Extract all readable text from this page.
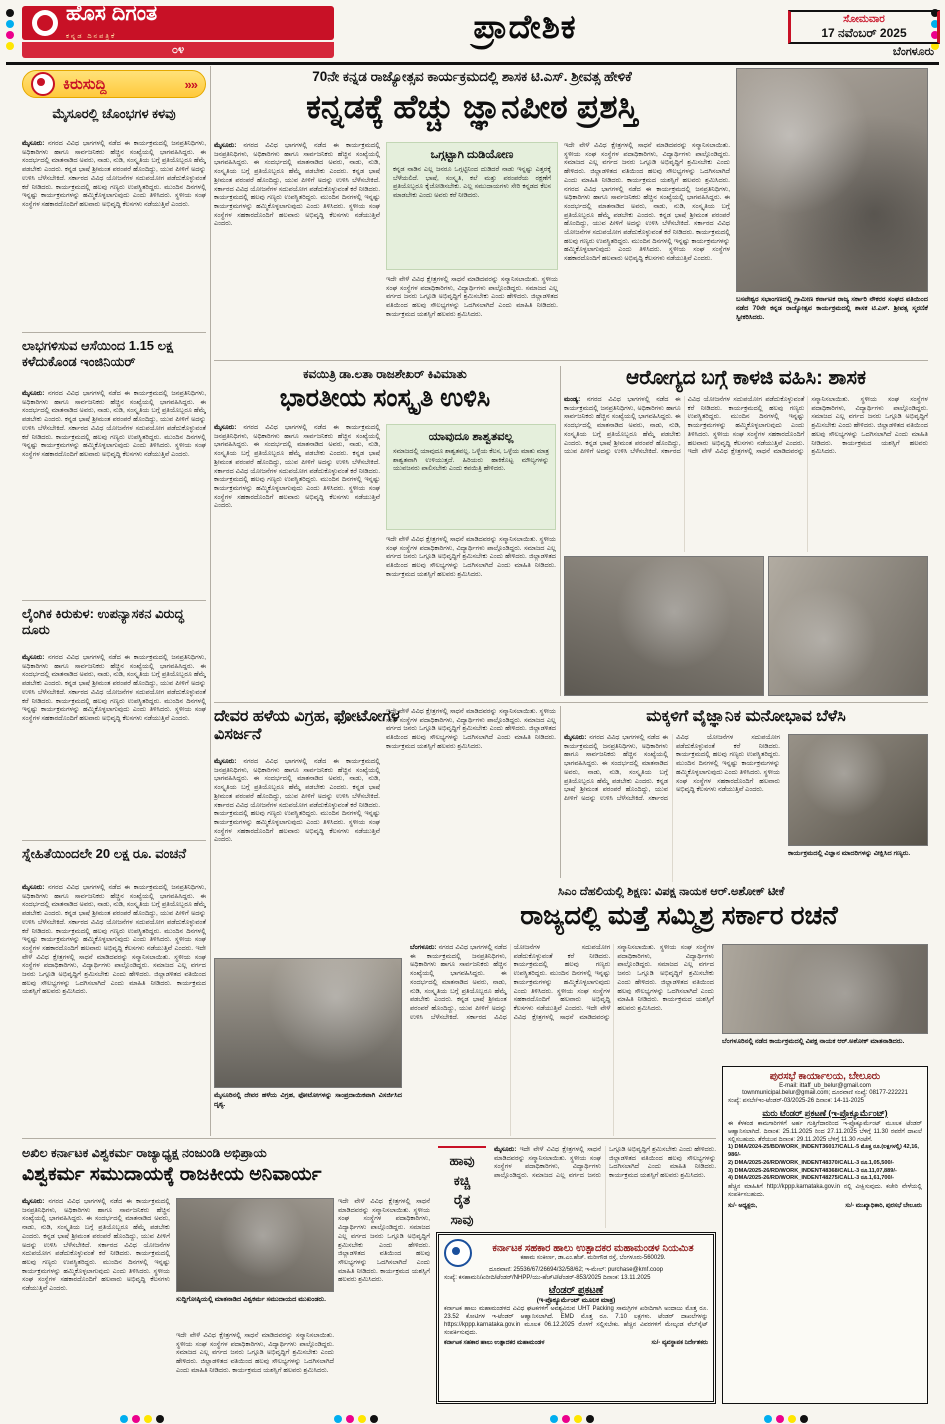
ಹೊಸ ದಿಗಂತ
ಕನ್ನಡ ದಿನಪತ್ರಿಕೆ
೦೪
ಪ್ರಾದೇಶಿಕ	ಸೋಮವಾರ
17 ನವೆಂಬರ್ 2025
ಬೆಂಗಳೂರು
ಕಿರುಸುದ್ದಿ	»»
ಮೈಸೂರಲ್ಲಿ ಚೊಂಭಗಳ ಕಳವು
ಮೈಸೂರು: ನಗರದ ವಿವಿಧ ಭಾಗಗಳಲ್ಲಿ ನಡೆದ ಈ ಕಾರ್ಯಕ್ರಮದಲ್ಲಿ ಜನಪ್ರತಿನಿಧಿಗಳು, ಅಧಿಕಾರಿಗಳು ಹಾಗೂ ಸಾರ್ವಜನಿಕರು ಹೆಚ್ಚಿನ ಸಂಖ್ಯೆಯಲ್ಲಿ ಭಾಗವಹಿಸಿದ್ದರು. ಈ ಸಂದರ್ಭದಲ್ಲಿ ಮಾತನಾಡಿದ ಅವರು, ನಾಡು, ನುಡಿ, ಸಂಸ್ಕೃತಿಯ ಬಗ್ಗೆ ಪ್ರತಿಯೊಬ್ಬರೂ ಹೆಮ್ಮೆ ಪಡಬೇಕು ಎಂದರು. ಕನ್ನಡ ಭಾಷೆ ಶ್ರೀಮಂತ ಪರಂಪರೆ ಹೊಂದಿದ್ದು, ಯುವ ಪೀಳಿಗೆ ಅದನ್ನು ಉಳಿಸಿ ಬೆಳೆಸಬೇಕಿದೆ. ಸರ್ಕಾರದ ವಿವಿಧ ಯೋಜನೆಗಳ ಸದುಪಯೋಗ ಪಡೆದುಕೊಳ್ಳುವಂತೆ ಕರೆ ನೀಡಿದರು. ಕಾರ್ಯಕ್ರಮದಲ್ಲಿ ಹಲವು ಗಣ್ಯರು ಉಪಸ್ಥಿತರಿದ್ದರು. ಮುಂದಿನ ದಿನಗಳಲ್ಲಿ ಇನ್ನಷ್ಟು ಕಾರ್ಯಕ್ರಮಗಳನ್ನು ಹಮ್ಮಿಕೊಳ್ಳಲಾಗುವುದು ಎಂದು ತಿಳಿಸಿದರು. ಸ್ಥಳೀಯ ಸಂಘ ಸಂಸ್ಥೆಗಳ ಸಹಕಾರದೊಂದಿಗೆ ಹಲವಾರು ಅಭಿವೃದ್ಧಿ ಕೆಲಸಗಳು ನಡೆಯುತ್ತಿವೆ ಎಂದರು.
ಲಾಭಗಳಿಸುವ ಆಸೆಯಿಂದ 1.15 ಲಕ್ಷ ಕಳೆದುಕೊಂಡ ಇಂಜಿನಿಯರ್
ಮೈಸೂರು: ನಗರದ ವಿವಿಧ ಭಾಗಗಳಲ್ಲಿ ನಡೆದ ಈ ಕಾರ್ಯಕ್ರಮದಲ್ಲಿ ಜನಪ್ರತಿನಿಧಿಗಳು, ಅಧಿಕಾರಿಗಳು ಹಾಗೂ ಸಾರ್ವಜನಿಕರು ಹೆಚ್ಚಿನ ಸಂಖ್ಯೆಯಲ್ಲಿ ಭಾಗವಹಿಸಿದ್ದರು. ಈ ಸಂದರ್ಭದಲ್ಲಿ ಮಾತನಾಡಿದ ಅವರು, ನಾಡು, ನುಡಿ, ಸಂಸ್ಕೃತಿಯ ಬಗ್ಗೆ ಪ್ರತಿಯೊಬ್ಬರೂ ಹೆಮ್ಮೆ ಪಡಬೇಕು ಎಂದರು. ಕನ್ನಡ ಭಾಷೆ ಶ್ರೀಮಂತ ಪರಂಪರೆ ಹೊಂದಿದ್ದು, ಯುವ ಪೀಳಿಗೆ ಅದನ್ನು ಉಳಿಸಿ ಬೆಳೆಸಬೇಕಿದೆ. ಸರ್ಕಾರದ ವಿವಿಧ ಯೋಜನೆಗಳ ಸದುಪಯೋಗ ಪಡೆದುಕೊಳ್ಳುವಂತೆ ಕರೆ ನೀಡಿದರು. ಕಾರ್ಯಕ್ರಮದಲ್ಲಿ ಹಲವು ಗಣ್ಯರು ಉಪಸ್ಥಿತರಿದ್ದರು. ಮುಂದಿನ ದಿನಗಳಲ್ಲಿ ಇನ್ನಷ್ಟು ಕಾರ್ಯಕ್ರಮಗಳನ್ನು ಹಮ್ಮಿಕೊಳ್ಳಲಾಗುವುದು ಎಂದು ತಿಳಿಸಿದರು. ಸ್ಥಳೀಯ ಸಂಘ ಸಂಸ್ಥೆಗಳ ಸಹಕಾರದೊಂದಿಗೆ ಹಲವಾರು ಅಭಿವೃದ್ಧಿ ಕೆಲಸಗಳು ನಡೆಯುತ್ತಿವೆ ಎಂದರು.
ಲೈಂಗಿಕ ಕಿರುಕುಳ: ಉಪನ್ಯಾಸಕನ ವಿರುದ್ಧ ದೂರು
ಮೈಸೂರು: ನಗರದ ವಿವಿಧ ಭಾಗಗಳಲ್ಲಿ ನಡೆದ ಈ ಕಾರ್ಯಕ್ರಮದಲ್ಲಿ ಜನಪ್ರತಿನಿಧಿಗಳು, ಅಧಿಕಾರಿಗಳು ಹಾಗೂ ಸಾರ್ವಜನಿಕರು ಹೆಚ್ಚಿನ ಸಂಖ್ಯೆಯಲ್ಲಿ ಭಾಗವಹಿಸಿದ್ದರು. ಈ ಸಂದರ್ಭದಲ್ಲಿ ಮಾತನಾಡಿದ ಅವರು, ನಾಡು, ನುಡಿ, ಸಂಸ್ಕೃತಿಯ ಬಗ್ಗೆ ಪ್ರತಿಯೊಬ್ಬರೂ ಹೆಮ್ಮೆ ಪಡಬೇಕು ಎಂದರು. ಕನ್ನಡ ಭಾಷೆ ಶ್ರೀಮಂತ ಪರಂಪರೆ ಹೊಂದಿದ್ದು, ಯುವ ಪೀಳಿಗೆ ಅದನ್ನು ಉಳಿಸಿ ಬೆಳೆಸಬೇಕಿದೆ. ಸರ್ಕಾರದ ವಿವಿಧ ಯೋಜನೆಗಳ ಸದುಪಯೋಗ ಪಡೆದುಕೊಳ್ಳುವಂತೆ ಕರೆ ನೀಡಿದರು. ಕಾರ್ಯಕ್ರಮದಲ್ಲಿ ಹಲವು ಗಣ್ಯರು ಉಪಸ್ಥಿತರಿದ್ದರು. ಮುಂದಿನ ದಿನಗಳಲ್ಲಿ ಇನ್ನಷ್ಟು ಕಾರ್ಯಕ್ರಮಗಳನ್ನು ಹಮ್ಮಿಕೊಳ್ಳಲಾಗುವುದು ಎಂದು ತಿಳಿಸಿದರು. ಸ್ಥಳೀಯ ಸಂಘ ಸಂಸ್ಥೆಗಳ ಸಹಕಾರದೊಂದಿಗೆ ಹಲವಾರು ಅಭಿವೃದ್ಧಿ ಕೆಲಸಗಳು ನಡೆಯುತ್ತಿವೆ ಎಂದರು.
ಸ್ನೇಹಿತೆಯಿಂದಲೇ 20 ಲಕ್ಷ ರೂ. ವಂಚನೆ
ಮೈಸೂರು: ನಗರದ ವಿವಿಧ ಭಾಗಗಳಲ್ಲಿ ನಡೆದ ಈ ಕಾರ್ಯಕ್ರಮದಲ್ಲಿ ಜನಪ್ರತಿನಿಧಿಗಳು, ಅಧಿಕಾರಿಗಳು ಹಾಗೂ ಸಾರ್ವಜನಿಕರು ಹೆಚ್ಚಿನ ಸಂಖ್ಯೆಯಲ್ಲಿ ಭಾಗವಹಿಸಿದ್ದರು. ಈ ಸಂದರ್ಭದಲ್ಲಿ ಮಾತನಾಡಿದ ಅವರು, ನಾಡು, ನುಡಿ, ಸಂಸ್ಕೃತಿಯ ಬಗ್ಗೆ ಪ್ರತಿಯೊಬ್ಬರೂ ಹೆಮ್ಮೆ ಪಡಬೇಕು ಎಂದರು. ಕನ್ನಡ ಭಾಷೆ ಶ್ರೀಮಂತ ಪರಂಪರೆ ಹೊಂದಿದ್ದು, ಯುವ ಪೀಳಿಗೆ ಅದನ್ನು ಉಳಿಸಿ ಬೆಳೆಸಬೇಕಿದೆ. ಸರ್ಕಾರದ ವಿವಿಧ ಯೋಜನೆಗಳ ಸದುಪಯೋಗ ಪಡೆದುಕೊಳ್ಳುವಂತೆ ಕರೆ ನೀಡಿದರು. ಕಾರ್ಯಕ್ರಮದಲ್ಲಿ ಹಲವು ಗಣ್ಯರು ಉಪಸ್ಥಿತರಿದ್ದರು. ಮುಂದಿನ ದಿನಗಳಲ್ಲಿ ಇನ್ನಷ್ಟು ಕಾರ್ಯಕ್ರಮಗಳನ್ನು ಹಮ್ಮಿಕೊಳ್ಳಲಾಗುವುದು ಎಂದು ತಿಳಿಸಿದರು. ಸ್ಥಳೀಯ ಸಂಘ ಸಂಸ್ಥೆಗಳ ಸಹಕಾರದೊಂದಿಗೆ ಹಲವಾರು ಅಭಿವೃದ್ಧಿ ಕೆಲಸಗಳು ನಡೆಯುತ್ತಿವೆ ಎಂದರು. ಇದೇ ವೇಳೆ ವಿವಿಧ ಕ್ಷೇತ್ರಗಳಲ್ಲಿ ಸಾಧನೆ ಮಾಡಿದವರನ್ನು ಸನ್ಮಾನಿಸಲಾಯಿತು. ಸ್ಥಳೀಯ ಸಂಘ ಸಂಸ್ಥೆಗಳ ಪದಾಧಿಕಾರಿಗಳು, ವಿದ್ಯಾರ್ಥಿಗಳು ಪಾಲ್ಗೊಂಡಿದ್ದರು. ಸಮಾಜದ ಎಲ್ಲ ವರ್ಗದ ಜನರು ಒಗ್ಗೂಡಿ ಅಭಿವೃದ್ಧಿಗೆ ಶ್ರಮಿಸಬೇಕು ಎಂದು ಹೇಳಿದರು. ಜಿಲ್ಲಾಡಳಿತದ ವತಿಯಿಂದ ಹಲವು ಸೌಲಭ್ಯಗಳನ್ನು ಒದಗಿಸಲಾಗಿದೆ ಎಂದು ಮಾಹಿತಿ ನೀಡಿದರು. ಕಾರ್ಯಕ್ರಮದ ಯಶಸ್ಸಿಗೆ ಹಲವರು ಶ್ರಮಿಸಿದರು.
70ನೇ ಕನ್ನಡ ರಾಜ್ಯೋತ್ಸವ ಕಾರ್ಯಕ್ರಮದಲ್ಲಿ ಶಾಸಕ ಟಿ.ಎಸ್. ಶ್ರೀವತ್ಸ ಹೇಳಿಕೆ
ಕನ್ನಡಕ್ಕೆ ಹೆಚ್ಚು ಜ್ಞಾನಪೀಠ ಪ್ರಶಸ್ತಿ
ಮೈಸೂರು: ನಗರದ ವಿವಿಧ ಭಾಗಗಳಲ್ಲಿ ನಡೆದ ಈ ಕಾರ್ಯಕ್ರಮದಲ್ಲಿ ಜನಪ್ರತಿನಿಧಿಗಳು, ಅಧಿಕಾರಿಗಳು ಹಾಗೂ ಸಾರ್ವಜನಿಕರು ಹೆಚ್ಚಿನ ಸಂಖ್ಯೆಯಲ್ಲಿ ಭಾಗವಹಿಸಿದ್ದರು. ಈ ಸಂದರ್ಭದಲ್ಲಿ ಮಾತನಾಡಿದ ಅವರು, ನಾಡು, ನುಡಿ, ಸಂಸ್ಕೃತಿಯ ಬಗ್ಗೆ ಪ್ರತಿಯೊಬ್ಬರೂ ಹೆಮ್ಮೆ ಪಡಬೇಕು ಎಂದರು. ಕನ್ನಡ ಭಾಷೆ ಶ್ರೀಮಂತ ಪರಂಪರೆ ಹೊಂದಿದ್ದು, ಯುವ ಪೀಳಿಗೆ ಅದನ್ನು ಉಳಿಸಿ ಬೆಳೆಸಬೇಕಿದೆ. ಸರ್ಕಾರದ ವಿವಿಧ ಯೋಜನೆಗಳ ಸದುಪಯೋಗ ಪಡೆದುಕೊಳ್ಳುವಂತೆ ಕರೆ ನೀಡಿದರು. ಕಾರ್ಯಕ್ರಮದಲ್ಲಿ ಹಲವು ಗಣ್ಯರು ಉಪಸ್ಥಿತರಿದ್ದರು. ಮುಂದಿನ ದಿನಗಳಲ್ಲಿ ಇನ್ನಷ್ಟು ಕಾರ್ಯಕ್ರಮಗಳನ್ನು ಹಮ್ಮಿಕೊಳ್ಳಲಾಗುವುದು ಎಂದು ತಿಳಿಸಿದರು. ಸ್ಥಳೀಯ ಸಂಘ ಸಂಸ್ಥೆಗಳ ಸಹಕಾರದೊಂದಿಗೆ ಹಲವಾರು ಅಭಿವೃದ್ಧಿ ಕೆಲಸಗಳು ನಡೆಯುತ್ತಿವೆ ಎಂದರು.
ಒಗ್ಗಟ್ಟಾಗಿ ದುಡಿಯೋಣ
ಕನ್ನಡ ನಾಡಿನ ಎಲ್ಲ ಜನರೂ ಒಗ್ಗಟ್ಟಿನಿಂದ ದುಡಿದರೆ ನಾಡು ಇನ್ನಷ್ಟು ಎತ್ತರಕ್ಕೆ ಬೆಳೆಯಲಿದೆ. ಭಾಷೆ, ಸಂಸ್ಕೃತಿ, ಕಲೆ ಮತ್ತು ಪರಂಪರೆಯ ರಕ್ಷಣೆಗೆ ಪ್ರತಿಯೊಬ್ಬರೂ ಕೈಜೋಡಿಸಬೇಕು. ಎಲ್ಲ ಸಮುದಾಯಗಳು ಸೇರಿ ಕನ್ನಡದ ಕೆಲಸ ಮಾಡಬೇಕು ಎಂದು ಅವರು ಕರೆ ನೀಡಿದರು.
ಇದೇ ವೇಳೆ ವಿವಿಧ ಕ್ಷೇತ್ರಗಳಲ್ಲಿ ಸಾಧನೆ ಮಾಡಿದವರನ್ನು ಸನ್ಮಾನಿಸಲಾಯಿತು. ಸ್ಥಳೀಯ ಸಂಘ ಸಂಸ್ಥೆಗಳ ಪದಾಧಿಕಾರಿಗಳು, ವಿದ್ಯಾರ್ಥಿಗಳು ಪಾಲ್ಗೊಂಡಿದ್ದರು. ಸಮಾಜದ ಎಲ್ಲ ವರ್ಗದ ಜನರು ಒಗ್ಗೂಡಿ ಅಭಿವೃದ್ಧಿಗೆ ಶ್ರಮಿಸಬೇಕು ಎಂದು ಹೇಳಿದರು. ಜಿಲ್ಲಾಡಳಿತದ ವತಿಯಿಂದ ಹಲವು ಸೌಲಭ್ಯಗಳನ್ನು ಒದಗಿಸಲಾಗಿದೆ ಎಂದು ಮಾಹಿತಿ ನೀಡಿದರು. ಕಾರ್ಯಕ್ರಮದ ಯಶಸ್ಸಿಗೆ ಹಲವರು ಶ್ರಮಿಸಿದರು.
ಇದೇ ವೇಳೆ ವಿವಿಧ ಕ್ಷೇತ್ರಗಳಲ್ಲಿ ಸಾಧನೆ ಮಾಡಿದವರನ್ನು ಸನ್ಮಾನಿಸಲಾಯಿತು. ಸ್ಥಳೀಯ ಸಂಘ ಸಂಸ್ಥೆಗಳ ಪದಾಧಿಕಾರಿಗಳು, ವಿದ್ಯಾರ್ಥಿಗಳು ಪಾಲ್ಗೊಂಡಿದ್ದರು. ಸಮಾಜದ ಎಲ್ಲ ವರ್ಗದ ಜನರು ಒಗ್ಗೂಡಿ ಅಭಿವೃದ್ಧಿಗೆ ಶ್ರಮಿಸಬೇಕು ಎಂದು ಹೇಳಿದರು. ಜಿಲ್ಲಾಡಳಿತದ ವತಿಯಿಂದ ಹಲವು ಸೌಲಭ್ಯಗಳನ್ನು ಒದಗಿಸಲಾಗಿದೆ ಎಂದು ಮಾಹಿತಿ ನೀಡಿದರು. ಕಾರ್ಯಕ್ರಮದ ಯಶಸ್ಸಿಗೆ ಹಲವರು ಶ್ರಮಿಸಿದರು. ನಗರದ ವಿವಿಧ ಭಾಗಗಳಲ್ಲಿ ನಡೆದ ಈ ಕಾರ್ಯಕ್ರಮದಲ್ಲಿ ಜನಪ್ರತಿನಿಧಿಗಳು, ಅಧಿಕಾರಿಗಳು ಹಾಗೂ ಸಾರ್ವಜನಿಕರು ಹೆಚ್ಚಿನ ಸಂಖ್ಯೆಯಲ್ಲಿ ಭಾಗವಹಿಸಿದ್ದರು. ಈ ಸಂದರ್ಭದಲ್ಲಿ ಮಾತನಾಡಿದ ಅವರು, ನಾಡು, ನುಡಿ, ಸಂಸ್ಕೃತಿಯ ಬಗ್ಗೆ ಪ್ರತಿಯೊಬ್ಬರೂ ಹೆಮ್ಮೆ ಪಡಬೇಕು ಎಂದರು. ಕನ್ನಡ ಭಾಷೆ ಶ್ರೀಮಂತ ಪರಂಪರೆ ಹೊಂದಿದ್ದು, ಯುವ ಪೀಳಿಗೆ ಅದನ್ನು ಉಳಿಸಿ ಬೆಳೆಸಬೇಕಿದೆ. ಸರ್ಕಾರದ ವಿವಿಧ ಯೋಜನೆಗಳ ಸದುಪಯೋಗ ಪಡೆದುಕೊಳ್ಳುವಂತೆ ಕರೆ ನೀಡಿದರು. ಕಾರ್ಯಕ್ರಮದಲ್ಲಿ ಹಲವು ಗಣ್ಯರು ಉಪಸ್ಥಿತರಿದ್ದರು. ಮುಂದಿನ ದಿನಗಳಲ್ಲಿ ಇನ್ನಷ್ಟು ಕಾರ್ಯಕ್ರಮಗಳನ್ನು ಹಮ್ಮಿಕೊಳ್ಳಲಾಗುವುದು ಎಂದು ತಿಳಿಸಿದರು. ಸ್ಥಳೀಯ ಸಂಘ ಸಂಸ್ಥೆಗಳ ಸಹಕಾರದೊಂದಿಗೆ ಹಲವಾರು ಅಭಿವೃದ್ಧಿ ಕೆಲಸಗಳು ನಡೆಯುತ್ತಿವೆ ಎಂದರು.
ಬಸವೇಶ್ವರ ಸಭಾಂಗಣದಲ್ಲಿ ಗ್ರಾಮೀಣ ಕರ್ನಾಟಕ ರಾಜ್ಯ ಸರ್ಕಾರಿ ನೌಕರರ ಸಂಘದ ವತಿಯಿಂದ ನಡೆದ 70ನೇ ಕನ್ನಡ ರಾಜ್ಯೋತ್ಸವ ಕಾರ್ಯಕ್ರಮದಲ್ಲಿ ಶಾಸಕ ಟಿ.ಎಸ್. ಶ್ರೀವತ್ಸ ಸ್ಮರಣಿಕೆ ಸ್ವೀಕರಿಸಿದರು.
ಕವಯಿತ್ರಿ ಡಾ.ಲತಾ ರಾಜಶೇಖರ್ ಕಿವಿಮಾತು
ಭಾರತೀಯ ಸಂಸ್ಕೃತಿ ಉಳಿಸಿ
ಮೈಸೂರು: ನಗರದ ವಿವಿಧ ಭಾಗಗಳಲ್ಲಿ ನಡೆದ ಈ ಕಾರ್ಯಕ್ರಮದಲ್ಲಿ ಜನಪ್ರತಿನಿಧಿಗಳು, ಅಧಿಕಾರಿಗಳು ಹಾಗೂ ಸಾರ್ವಜನಿಕರು ಹೆಚ್ಚಿನ ಸಂಖ್ಯೆಯಲ್ಲಿ ಭಾಗವಹಿಸಿದ್ದರು. ಈ ಸಂದರ್ಭದಲ್ಲಿ ಮಾತನಾಡಿದ ಅವರು, ನಾಡು, ನುಡಿ, ಸಂಸ್ಕೃತಿಯ ಬಗ್ಗೆ ಪ್ರತಿಯೊಬ್ಬರೂ ಹೆಮ್ಮೆ ಪಡಬೇಕು ಎಂದರು. ಕನ್ನಡ ಭಾಷೆ ಶ್ರೀಮಂತ ಪರಂಪರೆ ಹೊಂದಿದ್ದು, ಯುವ ಪೀಳಿಗೆ ಅದನ್ನು ಉಳಿಸಿ ಬೆಳೆಸಬೇಕಿದೆ. ಸರ್ಕಾರದ ವಿವಿಧ ಯೋಜನೆಗಳ ಸದುಪಯೋಗ ಪಡೆದುಕೊಳ್ಳುವಂತೆ ಕರೆ ನೀಡಿದರು. ಕಾರ್ಯಕ್ರಮದಲ್ಲಿ ಹಲವು ಗಣ್ಯರು ಉಪಸ್ಥಿತರಿದ್ದರು. ಮುಂದಿನ ದಿನಗಳಲ್ಲಿ ಇನ್ನಷ್ಟು ಕಾರ್ಯಕ್ರಮಗಳನ್ನು ಹಮ್ಮಿಕೊಳ್ಳಲಾಗುವುದು ಎಂದು ತಿಳಿಸಿದರು. ಸ್ಥಳೀಯ ಸಂಘ ಸಂಸ್ಥೆಗಳ ಸಹಕಾರದೊಂದಿಗೆ ಹಲವಾರು ಅಭಿವೃದ್ಧಿ ಕೆಲಸಗಳು ನಡೆಯುತ್ತಿವೆ ಎಂದರು.
ಯಾವುದೂ ಶಾಶ್ವತವಲ್ಲ
ಸಮಾಜದಲ್ಲಿ ಯಾವುದೂ ಶಾಶ್ವತವಲ್ಲ. ಒಳ್ಳೆಯ ಕೆಲಸ, ಒಳ್ಳೆಯ ಮಾತು ಮಾತ್ರ ಶಾಶ್ವತವಾಗಿ ಉಳಿಯುತ್ತದೆ. ಹಿರಿಯರು ಹಾಕಿಕೊಟ್ಟ ಮೌಲ್ಯಗಳನ್ನು ಯುವಜನರು ಪಾಲಿಸಬೇಕು ಎಂದು ಕವಯಿತ್ರಿ ಹೇಳಿದರು.
ಇದೇ ವೇಳೆ ವಿವಿಧ ಕ್ಷೇತ್ರಗಳಲ್ಲಿ ಸಾಧನೆ ಮಾಡಿದವರನ್ನು ಸನ್ಮಾನಿಸಲಾಯಿತು. ಸ್ಥಳೀಯ ಸಂಘ ಸಂಸ್ಥೆಗಳ ಪದಾಧಿಕಾರಿಗಳು, ವಿದ್ಯಾರ್ಥಿಗಳು ಪಾಲ್ಗೊಂಡಿದ್ದರು. ಸಮಾಜದ ಎಲ್ಲ ವರ್ಗದ ಜನರು ಒಗ್ಗೂಡಿ ಅಭಿವೃದ್ಧಿಗೆ ಶ್ರಮಿಸಬೇಕು ಎಂದು ಹೇಳಿದರು. ಜಿಲ್ಲಾಡಳಿತದ ವತಿಯಿಂದ ಹಲವು ಸೌಲಭ್ಯಗಳನ್ನು ಒದಗಿಸಲಾಗಿದೆ ಎಂದು ಮಾಹಿತಿ ನೀಡಿದರು. ಕಾರ್ಯಕ್ರಮದ ಯಶಸ್ಸಿಗೆ ಹಲವರು ಶ್ರಮಿಸಿದರು.
ಆರೋಗ್ಯದ ಬಗ್ಗೆ ಕಾಳಜಿ ವಹಿಸಿ: ಶಾಸಕ
ಮಂಡ್ಯ: ನಗರದ ವಿವಿಧ ಭಾಗಗಳಲ್ಲಿ ನಡೆದ ಈ ಕಾರ್ಯಕ್ರಮದಲ್ಲಿ ಜನಪ್ರತಿನಿಧಿಗಳು, ಅಧಿಕಾರಿಗಳು ಹಾಗೂ ಸಾರ್ವಜನಿಕರು ಹೆಚ್ಚಿನ ಸಂಖ್ಯೆಯಲ್ಲಿ ಭಾಗವಹಿಸಿದ್ದರು. ಈ ಸಂದರ್ಭದಲ್ಲಿ ಮಾತನಾಡಿದ ಅವರು, ನಾಡು, ನುಡಿ, ಸಂಸ್ಕೃತಿಯ ಬಗ್ಗೆ ಪ್ರತಿಯೊಬ್ಬರೂ ಹೆಮ್ಮೆ ಪಡಬೇಕು ಎಂದರು. ಕನ್ನಡ ಭಾಷೆ ಶ್ರೀಮಂತ ಪರಂಪರೆ ಹೊಂದಿದ್ದು, ಯುವ ಪೀಳಿಗೆ ಅದನ್ನು ಉಳಿಸಿ ಬೆಳೆಸಬೇಕಿದೆ. ಸರ್ಕಾರದ ವಿವಿಧ ಯೋಜನೆಗಳ ಸದುಪಯೋಗ ಪಡೆದುಕೊಳ್ಳುವಂತೆ ಕರೆ ನೀಡಿದರು. ಕಾರ್ಯಕ್ರಮದಲ್ಲಿ ಹಲವು ಗಣ್ಯರು ಉಪಸ್ಥಿತರಿದ್ದರು. ಮುಂದಿನ ದಿನಗಳಲ್ಲಿ ಇನ್ನಷ್ಟು ಕಾರ್ಯಕ್ರಮಗಳನ್ನು ಹಮ್ಮಿಕೊಳ್ಳಲಾಗುವುದು ಎಂದು ತಿಳಿಸಿದರು. ಸ್ಥಳೀಯ ಸಂಘ ಸಂಸ್ಥೆಗಳ ಸಹಕಾರದೊಂದಿಗೆ ಹಲವಾರು ಅಭಿವೃದ್ಧಿ ಕೆಲಸಗಳು ನಡೆಯುತ್ತಿವೆ ಎಂದರು. ಇದೇ ವೇಳೆ ವಿವಿಧ ಕ್ಷೇತ್ರಗಳಲ್ಲಿ ಸಾಧನೆ ಮಾಡಿದವರನ್ನು ಸನ್ಮಾನಿಸಲಾಯಿತು. ಸ್ಥಳೀಯ ಸಂಘ ಸಂಸ್ಥೆಗಳ ಪದಾಧಿಕಾರಿಗಳು, ವಿದ್ಯಾರ್ಥಿಗಳು ಪಾಲ್ಗೊಂಡಿದ್ದರು. ಸಮಾಜದ ಎಲ್ಲ ವರ್ಗದ ಜನರು ಒಗ್ಗೂಡಿ ಅಭಿವೃದ್ಧಿಗೆ ಶ್ರಮಿಸಬೇಕು ಎಂದು ಹೇಳಿದರು. ಜಿಲ್ಲಾಡಳಿತದ ವತಿಯಿಂದ ಹಲವು ಸೌಲಭ್ಯಗಳನ್ನು ಒದಗಿಸಲಾಗಿದೆ ಎಂದು ಮಾಹಿತಿ ನೀಡಿದರು. ಕಾರ್ಯಕ್ರಮದ ಯಶಸ್ಸಿಗೆ ಹಲವರು ಶ್ರಮಿಸಿದರು.
ದೇವರ ಹಳೆಯ ವಿಗ್ರಹ, ಫೋಟೋಗಳ ವಿಸರ್ಜನೆ
ಮೈಸೂರು: ನಗರದ ವಿವಿಧ ಭಾಗಗಳಲ್ಲಿ ನಡೆದ ಈ ಕಾರ್ಯಕ್ರಮದಲ್ಲಿ ಜನಪ್ರತಿನಿಧಿಗಳು, ಅಧಿಕಾರಿಗಳು ಹಾಗೂ ಸಾರ್ವಜನಿಕರು ಹೆಚ್ಚಿನ ಸಂಖ್ಯೆಯಲ್ಲಿ ಭಾಗವಹಿಸಿದ್ದರು. ಈ ಸಂದರ್ಭದಲ್ಲಿ ಮಾತನಾಡಿದ ಅವರು, ನಾಡು, ನುಡಿ, ಸಂಸ್ಕೃತಿಯ ಬಗ್ಗೆ ಪ್ರತಿಯೊಬ್ಬರೂ ಹೆಮ್ಮೆ ಪಡಬೇಕು ಎಂದರು. ಕನ್ನಡ ಭಾಷೆ ಶ್ರೀಮಂತ ಪರಂಪರೆ ಹೊಂದಿದ್ದು, ಯುವ ಪೀಳಿಗೆ ಅದನ್ನು ಉಳಿಸಿ ಬೆಳೆಸಬೇಕಿದೆ. ಸರ್ಕಾರದ ವಿವಿಧ ಯೋಜನೆಗಳ ಸದುಪಯೋಗ ಪಡೆದುಕೊಳ್ಳುವಂತೆ ಕರೆ ನೀಡಿದರು. ಕಾರ್ಯಕ್ರಮದಲ್ಲಿ ಹಲವು ಗಣ್ಯರು ಉಪಸ್ಥಿತರಿದ್ದರು. ಮುಂದಿನ ದಿನಗಳಲ್ಲಿ ಇನ್ನಷ್ಟು ಕಾರ್ಯಕ್ರಮಗಳನ್ನು ಹಮ್ಮಿಕೊಳ್ಳಲಾಗುವುದು ಎಂದು ತಿಳಿಸಿದರು. ಸ್ಥಳೀಯ ಸಂಘ ಸಂಸ್ಥೆಗಳ ಸಹಕಾರದೊಂದಿಗೆ ಹಲವಾರು ಅಭಿವೃದ್ಧಿ ಕೆಲಸಗಳು ನಡೆಯುತ್ತಿವೆ ಎಂದರು.
ಇದೇ ವೇಳೆ ವಿವಿಧ ಕ್ಷೇತ್ರಗಳಲ್ಲಿ ಸಾಧನೆ ಮಾಡಿದವರನ್ನು ಸನ್ಮಾನಿಸಲಾಯಿತು. ಸ್ಥಳೀಯ ಸಂಘ ಸಂಸ್ಥೆಗಳ ಪದಾಧಿಕಾರಿಗಳು, ವಿದ್ಯಾರ್ಥಿಗಳು ಪಾಲ್ಗೊಂಡಿದ್ದರು. ಸಮಾಜದ ಎಲ್ಲ ವರ್ಗದ ಜನರು ಒಗ್ಗೂಡಿ ಅಭಿವೃದ್ಧಿಗೆ ಶ್ರಮಿಸಬೇಕು ಎಂದು ಹೇಳಿದರು. ಜಿಲ್ಲಾಡಳಿತದ ವತಿಯಿಂದ ಹಲವು ಸೌಲಭ್ಯಗಳನ್ನು ಒದಗಿಸಲಾಗಿದೆ ಎಂದು ಮಾಹಿತಿ ನೀಡಿದರು. ಕಾರ್ಯಕ್ರಮದ ಯಶಸ್ಸಿಗೆ ಹಲವರು ಶ್ರಮಿಸಿದರು.
ಮೈಸೂರಿನಲ್ಲಿ ದೇವರ ಹಳೆಯ ವಿಗ್ರಹ, ಫೋಟೋಗಳನ್ನು ಸಾಂಪ್ರದಾಯಿಕವಾಗಿ ವಿಸರ್ಜಿಸಿದ ದೃಶ್ಯ.
ಮಕ್ಕಳಿಗೆ ವೈಜ್ಞಾನಿಕ ಮನೋಭಾವ ಬೆಳೆಸಿ
ಮೈಸೂರು: ನಗರದ ವಿವಿಧ ಭಾಗಗಳಲ್ಲಿ ನಡೆದ ಈ ಕಾರ್ಯಕ್ರಮದಲ್ಲಿ ಜನಪ್ರತಿನಿಧಿಗಳು, ಅಧಿಕಾರಿಗಳು ಹಾಗೂ ಸಾರ್ವಜನಿಕರು ಹೆಚ್ಚಿನ ಸಂಖ್ಯೆಯಲ್ಲಿ ಭಾಗವಹಿಸಿದ್ದರು. ಈ ಸಂದರ್ಭದಲ್ಲಿ ಮಾತನಾಡಿದ ಅವರು, ನಾಡು, ನುಡಿ, ಸಂಸ್ಕೃತಿಯ ಬಗ್ಗೆ ಪ್ರತಿಯೊಬ್ಬರೂ ಹೆಮ್ಮೆ ಪಡಬೇಕು ಎಂದರು. ಕನ್ನಡ ಭಾಷೆ ಶ್ರೀಮಂತ ಪರಂಪರೆ ಹೊಂದಿದ್ದು, ಯುವ ಪೀಳಿಗೆ ಅದನ್ನು ಉಳಿಸಿ ಬೆಳೆಸಬೇಕಿದೆ. ಸರ್ಕಾರದ ವಿವಿಧ ಯೋಜನೆಗಳ ಸದುಪಯೋಗ ಪಡೆದುಕೊಳ್ಳುವಂತೆ ಕರೆ ನೀಡಿದರು. ಕಾರ್ಯಕ್ರಮದಲ್ಲಿ ಹಲವು ಗಣ್ಯರು ಉಪಸ್ಥಿತರಿದ್ದರು. ಮುಂದಿನ ದಿನಗಳಲ್ಲಿ ಇನ್ನಷ್ಟು ಕಾರ್ಯಕ್ರಮಗಳನ್ನು ಹಮ್ಮಿಕೊಳ್ಳಲಾಗುವುದು ಎಂದು ತಿಳಿಸಿದರು. ಸ್ಥಳೀಯ ಸಂಘ ಸಂಸ್ಥೆಗಳ ಸಹಕಾರದೊಂದಿಗೆ ಹಲವಾರು ಅಭಿವೃದ್ಧಿ ಕೆಲಸಗಳು ನಡೆಯುತ್ತಿವೆ ಎಂದರು.
ಕಾರ್ಯಕ್ರಮದಲ್ಲಿ ವಿಜ್ಞಾನ ಮಾದರಿಗಳನ್ನು ವೀಕ್ಷಿಸಿದ ಗಣ್ಯರು.
ಸಿಎಂ ದೆಹಲಿಯಲ್ಲಿ ಶಿಕ್ಷಣ: ವಿಪಕ್ಷ ನಾಯಕ ಆರ್.ಅಶೋಕ್ ಟೀಕೆ
ರಾಜ್ಯದಲ್ಲಿ ಮತ್ತೆ ಸಮ್ಮಿಶ್ರ ಸರ್ಕಾರ ರಚನೆ
ಬೆಂಗಳೂರು: ನಗರದ ವಿವಿಧ ಭಾಗಗಳಲ್ಲಿ ನಡೆದ ಈ ಕಾರ್ಯಕ್ರಮದಲ್ಲಿ ಜನಪ್ರತಿನಿಧಿಗಳು, ಅಧಿಕಾರಿಗಳು ಹಾಗೂ ಸಾರ್ವಜನಿಕರು ಹೆಚ್ಚಿನ ಸಂಖ್ಯೆಯಲ್ಲಿ ಭಾಗವಹಿಸಿದ್ದರು. ಈ ಸಂದರ್ಭದಲ್ಲಿ ಮಾತನಾಡಿದ ಅವರು, ನಾಡು, ನುಡಿ, ಸಂಸ್ಕೃತಿಯ ಬಗ್ಗೆ ಪ್ರತಿಯೊಬ್ಬರೂ ಹೆಮ್ಮೆ ಪಡಬೇಕು ಎಂದರು. ಕನ್ನಡ ಭಾಷೆ ಶ್ರೀಮಂತ ಪರಂಪರೆ ಹೊಂದಿದ್ದು, ಯುವ ಪೀಳಿಗೆ ಅದನ್ನು ಉಳಿಸಿ ಬೆಳೆಸಬೇಕಿದೆ. ಸರ್ಕಾರದ ವಿವಿಧ ಯೋಜನೆಗಳ ಸದುಪಯೋಗ ಪಡೆದುಕೊಳ್ಳುವಂತೆ ಕರೆ ನೀಡಿದರು. ಕಾರ್ಯಕ್ರಮದಲ್ಲಿ ಹಲವು ಗಣ್ಯರು ಉಪಸ್ಥಿತರಿದ್ದರು. ಮುಂದಿನ ದಿನಗಳಲ್ಲಿ ಇನ್ನಷ್ಟು ಕಾರ್ಯಕ್ರಮಗಳನ್ನು ಹಮ್ಮಿಕೊಳ್ಳಲಾಗುವುದು ಎಂದು ತಿಳಿಸಿದರು. ಸ್ಥಳೀಯ ಸಂಘ ಸಂಸ್ಥೆಗಳ ಸಹಕಾರದೊಂದಿಗೆ ಹಲವಾರು ಅಭಿವೃದ್ಧಿ ಕೆಲಸಗಳು ನಡೆಯುತ್ತಿವೆ ಎಂದರು. ಇದೇ ವೇಳೆ ವಿವಿಧ ಕ್ಷೇತ್ರಗಳಲ್ಲಿ ಸಾಧನೆ ಮಾಡಿದವರನ್ನು ಸನ್ಮಾನಿಸಲಾಯಿತು. ಸ್ಥಳೀಯ ಸಂಘ ಸಂಸ್ಥೆಗಳ ಪದಾಧಿಕಾರಿಗಳು, ವಿದ್ಯಾರ್ಥಿಗಳು ಪಾಲ್ಗೊಂಡಿದ್ದರು. ಸಮಾಜದ ಎಲ್ಲ ವರ್ಗದ ಜನರು ಒಗ್ಗೂಡಿ ಅಭಿವೃದ್ಧಿಗೆ ಶ್ರಮಿಸಬೇಕು ಎಂದು ಹೇಳಿದರು. ಜಿಲ್ಲಾಡಳಿತದ ವತಿಯಿಂದ ಹಲವು ಸೌಲಭ್ಯಗಳನ್ನು ಒದಗಿಸಲಾಗಿದೆ ಎಂದು ಮಾಹಿತಿ ನೀಡಿದರು. ಕಾರ್ಯಕ್ರಮದ ಯಶಸ್ಸಿಗೆ ಹಲವರು ಶ್ರಮಿಸಿದರು.
ಬೆಂಗಳೂರಿನಲ್ಲಿ ನಡೆದ ಕಾರ್ಯಕ್ರಮದಲ್ಲಿ ವಿಪಕ್ಷ ನಾಯಕ ಆರ್.ಅಶೋಕ್ ಮಾತನಾಡಿದರು.
ಪುರಸಭೆ ಕಾರ್ಯಾಲಯ, ಬೇಲೂರು
E-mail: ittaff_ub_belur@gmail.com
townmunicipal.belur@gmail.com; ದೂರವಾಣಿ ಸಂಖ್ಯೆ: 08177-222221
ಸಂಖ್ಯೆ: ಪಸಬೇ/ಇಂ-ಟೆಂಡರ್-03/2025-26 ದಿನಾಂಕ: 14-11-2025
ಮರು ಟೆಂಡರ್ ಪ್ರಕಟಣೆ (ಇ-ಪ್ರೊಕ್ಯೂರ್ಮೆಂಟ್)
ಈ ಕೆಳಕಂಡ ಕಾಮಗಾರಿಗಳಿಗೆ ಅರ್ಹ ಗುತ್ತಿಗೆದಾರರಿಂದ ಇ-ಪ್ರೊಕ್ಯೂರ್ಮೆಂಟ್ ಮೂಲಕ ಟೆಂಡರ್ ಆಹ್ವಾನಿಸಲಾಗಿದೆ. ದಿನಾಂಕ: 25.11.2025 ರಿಂದ 27.11.2025 ಬೆಳಿಗ್ಗೆ 11.30 ರವರೆಗೆ ದಾಖಲೆ ಸಲ್ಲಿಸಬಹುದು. ತೆರೆಯುವ ದಿನಾಂಕ: 29.11.2025 ಬೆಳಿಗ್ಗೆ 11.30 ಗಂಟೆಗೆ.
1) DMA/2024-25/BD/WORK_INDENT36017/CALL-5 ಮೊತ್ತ ರೂ.(ಲಕ್ಷಗಳಲ್ಲಿ) 42,16,986/-
2) DMA/2025-26/RD/WORK_INDENT48370/CALL-3 ರೂ.1,05,500/-
3) DMA/2025-26/RD/WORK_INDENT48368/CALL-3 ರೂ.11,07,889/-
4) DMA/2025-26/RD/WORK_INDENT48275/CALL-3 ರೂ.1,61,700/-
ಹೆಚ್ಚಿನ ಮಾಹಿತಿಗೆ http://kppp.karnataka.gov.in ನಲ್ಲಿ ವೀಕ್ಷಿಸುವುದು. ಕಚೇರಿ ವೇಳೆಯಲ್ಲಿ ಸಂಪರ್ಕಿಸಬಹುದು.
ಸು/- ಅಧ್ಯಕ್ಷರು,	ಸು/- ಮುಖ್ಯಾಧಿಕಾರಿ, ಪುರಸಭೆ ಬೇಲೂರು
ಅಖಿಲ ಕರ್ನಾಟಕ ವಿಶ್ವಕರ್ಮ ರಾಜ್ಯಾಧ್ಯಕ್ಷ ನಂಜುಂಡಿ ಅಭಿಪ್ರಾಯ
ವಿಶ್ವಕರ್ಮ ಸಮುದಾಯಕ್ಕೆ ರಾಜಕೀಯ ಅನಿವಾರ್ಯ
ಮೈಸೂರು: ನಗರದ ವಿವಿಧ ಭಾಗಗಳಲ್ಲಿ ನಡೆದ ಈ ಕಾರ್ಯಕ್ರಮದಲ್ಲಿ ಜನಪ್ರತಿನಿಧಿಗಳು, ಅಧಿಕಾರಿಗಳು ಹಾಗೂ ಸಾರ್ವಜನಿಕರು ಹೆಚ್ಚಿನ ಸಂಖ್ಯೆಯಲ್ಲಿ ಭಾಗವಹಿಸಿದ್ದರು. ಈ ಸಂದರ್ಭದಲ್ಲಿ ಮಾತನಾಡಿದ ಅವರು, ನಾಡು, ನುಡಿ, ಸಂಸ್ಕೃತಿಯ ಬಗ್ಗೆ ಪ್ರತಿಯೊಬ್ಬರೂ ಹೆಮ್ಮೆ ಪಡಬೇಕು ಎಂದರು. ಕನ್ನಡ ಭಾಷೆ ಶ್ರೀಮಂತ ಪರಂಪರೆ ಹೊಂದಿದ್ದು, ಯುವ ಪೀಳಿಗೆ ಅದನ್ನು ಉಳಿಸಿ ಬೆಳೆಸಬೇಕಿದೆ. ಸರ್ಕಾರದ ವಿವಿಧ ಯೋಜನೆಗಳ ಸದುಪಯೋಗ ಪಡೆದುಕೊಳ್ಳುವಂತೆ ಕರೆ ನೀಡಿದರು. ಕಾರ್ಯಕ್ರಮದಲ್ಲಿ ಹಲವು ಗಣ್ಯರು ಉಪಸ್ಥಿತರಿದ್ದರು. ಮುಂದಿನ ದಿನಗಳಲ್ಲಿ ಇನ್ನಷ್ಟು ಕಾರ್ಯಕ್ರಮಗಳನ್ನು ಹಮ್ಮಿಕೊಳ್ಳಲಾಗುವುದು ಎಂದು ತಿಳಿಸಿದರು. ಸ್ಥಳೀಯ ಸಂಘ ಸಂಸ್ಥೆಗಳ ಸಹಕಾರದೊಂದಿಗೆ ಹಲವಾರು ಅಭಿವೃದ್ಧಿ ಕೆಲಸಗಳು ನಡೆಯುತ್ತಿವೆ ಎಂದರು.
ಸುದ್ದಿಗೋಷ್ಠಿಯಲ್ಲಿ ಮಾತನಾಡಿದ ವಿಶ್ವಕರ್ಮ ಸಮುದಾಯದ ಮುಖಂಡರು.
ಇದೇ ವೇಳೆ ವಿವಿಧ ಕ್ಷೇತ್ರಗಳಲ್ಲಿ ಸಾಧನೆ ಮಾಡಿದವರನ್ನು ಸನ್ಮಾನಿಸಲಾಯಿತು. ಸ್ಥಳೀಯ ಸಂಘ ಸಂಸ್ಥೆಗಳ ಪದಾಧಿಕಾರಿಗಳು, ವಿದ್ಯಾರ್ಥಿಗಳು ಪಾಲ್ಗೊಂಡಿದ್ದರು. ಸಮಾಜದ ಎಲ್ಲ ವರ್ಗದ ಜನರು ಒಗ್ಗೂಡಿ ಅಭಿವೃದ್ಧಿಗೆ ಶ್ರಮಿಸಬೇಕು ಎಂದು ಹೇಳಿದರು. ಜಿಲ್ಲಾಡಳಿತದ ವತಿಯಿಂದ ಹಲವು ಸೌಲಭ್ಯಗಳನ್ನು ಒದಗಿಸಲಾಗಿದೆ ಎಂದು ಮಾಹಿತಿ ನೀಡಿದರು. ಕಾರ್ಯಕ್ರಮದ ಯಶಸ್ಸಿಗೆ ಹಲವರು ಶ್ರಮಿಸಿದರು.
ಇದೇ ವೇಳೆ ವಿವಿಧ ಕ್ಷೇತ್ರಗಳಲ್ಲಿ ಸಾಧನೆ ಮಾಡಿದವರನ್ನು ಸನ್ಮಾನಿಸಲಾಯಿತು. ಸ್ಥಳೀಯ ಸಂಘ ಸಂಸ್ಥೆಗಳ ಪದಾಧಿಕಾರಿಗಳು, ವಿದ್ಯಾರ್ಥಿಗಳು ಪಾಲ್ಗೊಂಡಿದ್ದರು. ಸಮಾಜದ ಎಲ್ಲ ವರ್ಗದ ಜನರು ಒಗ್ಗೂಡಿ ಅಭಿವೃದ್ಧಿಗೆ ಶ್ರಮಿಸಬೇಕು ಎಂದು ಹೇಳಿದರು. ಜಿಲ್ಲಾಡಳಿತದ ವತಿಯಿಂದ ಹಲವು ಸೌಲಭ್ಯಗಳನ್ನು ಒದಗಿಸಲಾಗಿದೆ ಎಂದು ಮಾಹಿತಿ ನೀಡಿದರು. ಕಾರ್ಯಕ್ರಮದ ಯಶಸ್ಸಿಗೆ ಹಲವರು ಶ್ರಮಿಸಿದರು.
ಹಾವು
ಕಚ್ಚಿ
ರೈತ
ಸಾವು
ಮೈಸೂರು: ಇದೇ ವೇಳೆ ವಿವಿಧ ಕ್ಷೇತ್ರಗಳಲ್ಲಿ ಸಾಧನೆ ಮಾಡಿದವರನ್ನು ಸನ್ಮಾನಿಸಲಾಯಿತು. ಸ್ಥಳೀಯ ಸಂಘ ಸಂಸ್ಥೆಗಳ ಪದಾಧಿಕಾರಿಗಳು, ವಿದ್ಯಾರ್ಥಿಗಳು ಪಾಲ್ಗೊಂಡಿದ್ದರು. ಸಮಾಜದ ಎಲ್ಲ ವರ್ಗದ ಜನರು ಒಗ್ಗೂಡಿ ಅಭಿವೃದ್ಧಿಗೆ ಶ್ರಮಿಸಬೇಕು ಎಂದು ಹೇಳಿದರು. ಜಿಲ್ಲಾಡಳಿತದ ವತಿಯಿಂದ ಹಲವು ಸೌಲಭ್ಯಗಳನ್ನು ಒದಗಿಸಲಾಗಿದೆ ಎಂದು ಮಾಹಿತಿ ನೀಡಿದರು. ಕಾರ್ಯಕ್ರಮದ ಯಶಸ್ಸಿಗೆ ಹಲವರು ಶ್ರಮಿಸಿದರು.
ಕರ್ನಾಟಕ ಸಹಕಾರ ಹಾಲು ಉತ್ಪಾದಕರ ಮಹಾಮಂಡಳ ನಿಯಮಿತ
ಕಹಾಮ ಸಂಕೀರ್ಣ, ಡಾ.ಎಂ.ಹೆಚ್. ಮರೀಗೌಡ ರಸ್ತೆ, ಬೆಂಗಳೂರು-560029.
ದೂರವಾಣಿ: 25536/67/26694/32/58/62; ಇ-ಮೇಲ್: purchase@kmf.coop
ಸಂಖ್ಯೆ: ಕಸಹಾಮನಿ/ಖರೀದಿ/ಟೆಂಡರ್/NHPP/ಯು-ಹೆಚ್‌ಟಿ/ಟೆಂಡರ್-853/2025 ದಿನಾಂಕ: 13.11.2025
ಟೆಂಡರ್ ಪ್ರಕಟಣೆ
(ಇ-ಪ್ರೊಕ್ಯೂರ್ಮೆಂಟ್ ಮೂಲಕ ಮಾತ್ರ)
ಕರ್ನಾಟಕ ಹಾಲು ಮಹಾಮಂಡಳದ ವಿವಿಧ ಘಟಕಗಳಿಗೆ ಅವಶ್ಯವಿರುವ UHT Packing ಸಾಮಗ್ರಿಗಳ ಖರೀದಿಗಾಗಿ ಅಂದಾಜು ಮೊತ್ತ ರೂ. 23.52 ಕೋಟಿಗಳ ಇ-ಟೆಂಡರ್ ಆಹ್ವಾನಿಸಲಾಗಿದೆ. EMD ಮೊತ್ತ ರೂ. 7.10 ಲಕ್ಷಗಳು. ಟೆಂಡರ್ ದಾಖಲೆಗಳನ್ನು https://kppp.karnataka.gov.in ಮೂಲಕ 06.12.2025 ರೊಳಗೆ ಸಲ್ಲಿಸಬೇಕು. ಹೆಚ್ಚಿನ ವಿವರಗಳಿಗೆ ಮೇಲ್ಕಂಡ ವೆಬ್‌ಸೈಟ್ ಸಂಪರ್ಕಿಸುವುದು.
ಕರ್ನಾಟಕ ಸಹಕಾರ ಹಾಲು ಉತ್ಪಾದಕರ ಮಹಾಮಂಡಳ	ಸು/- ವ್ಯವಸ್ಥಾಪಕ ನಿರ್ದೇಶಕರು
